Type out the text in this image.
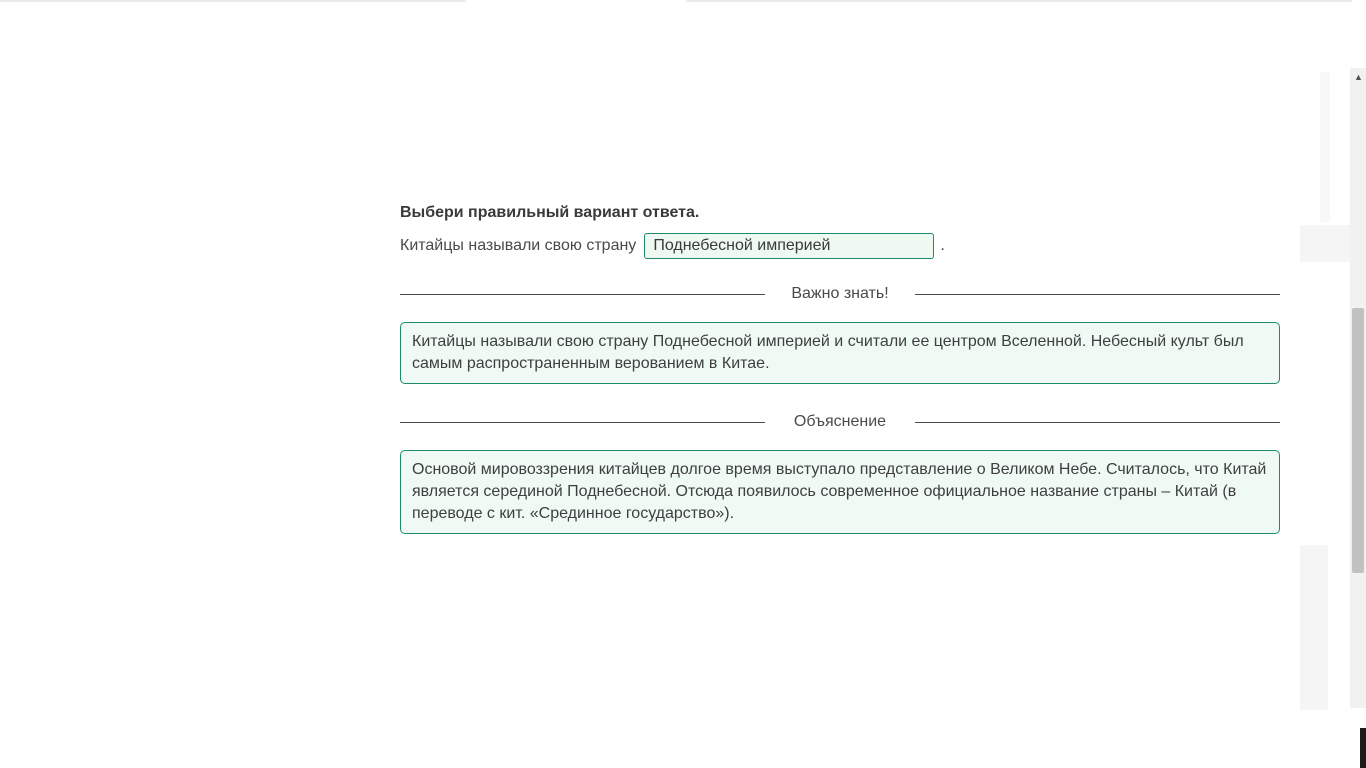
▲

Выбери правильный вариант ответа.

Китайцы называли свою страну	Поднебесной империей	.
Важно знать!
Китайцы называли свою страну Поднебесной империей и считали ее центром Вселенной. Небесный культ был самым распространенным верованием в Китае.
Объяснение
Основой мировоззрения китайцев долгое время выступало представление о Великом Небе. Считалось, что Китай является серединой Поднебесной. Отсюда появилось современное официальное название страны – Китай (в переводе с кит. «Срединное государство»).
